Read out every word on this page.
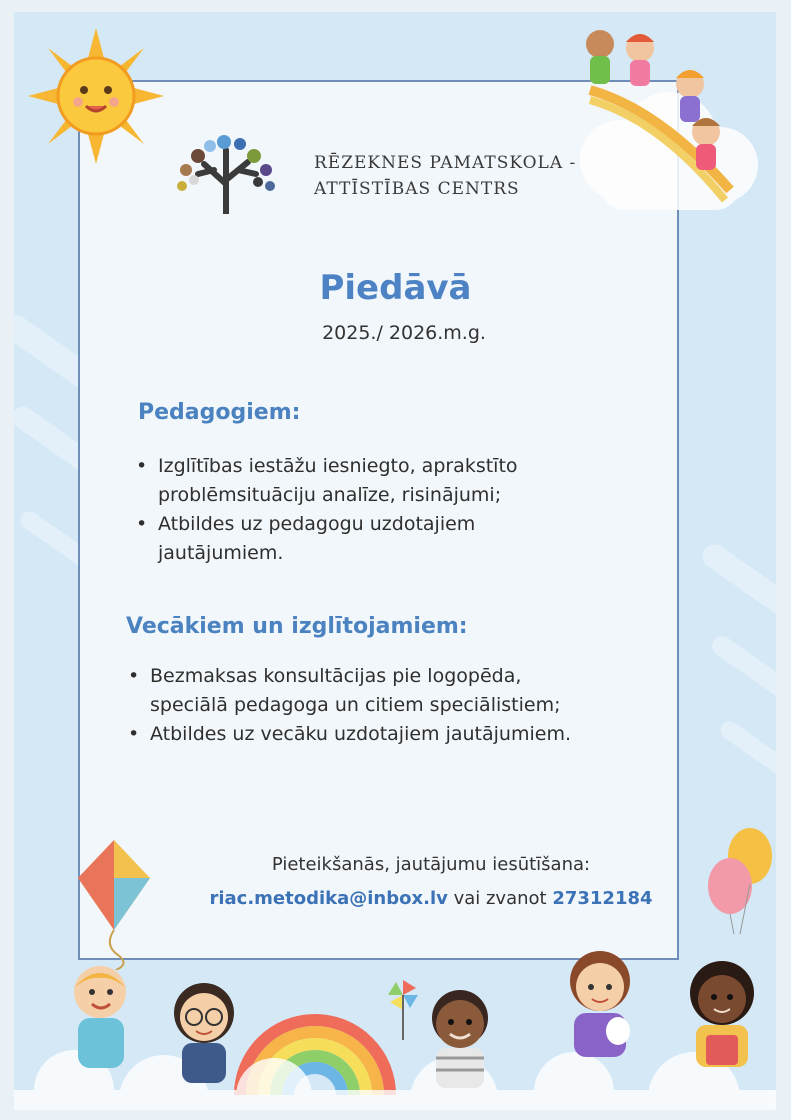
RĒZEKNES PAMATSKOLA -
ATTĪSTĪBAS CENTRS
Piedāvā
2025./ 2026.m.g.
Pedagogiem:
• Izglītības iestāžu iesniegto, aprakstīto
problēmsituāciju analīze, risinājumi;
• Atbildes uz pedagogu uzdotajiem
jautājumiem.
Vecākiem un izglītojamiem:
• Bezmaksas konsultācijas pie logopēda,
speciālā pedagoga un citiem speciālistiem;
• Atbildes uz vecāku uzdotajiem jautājumiem.
Pieteikšanās, jautājumu iesūtīšana:
riac.metodika@inbox.lv vai zvanot 27312184
